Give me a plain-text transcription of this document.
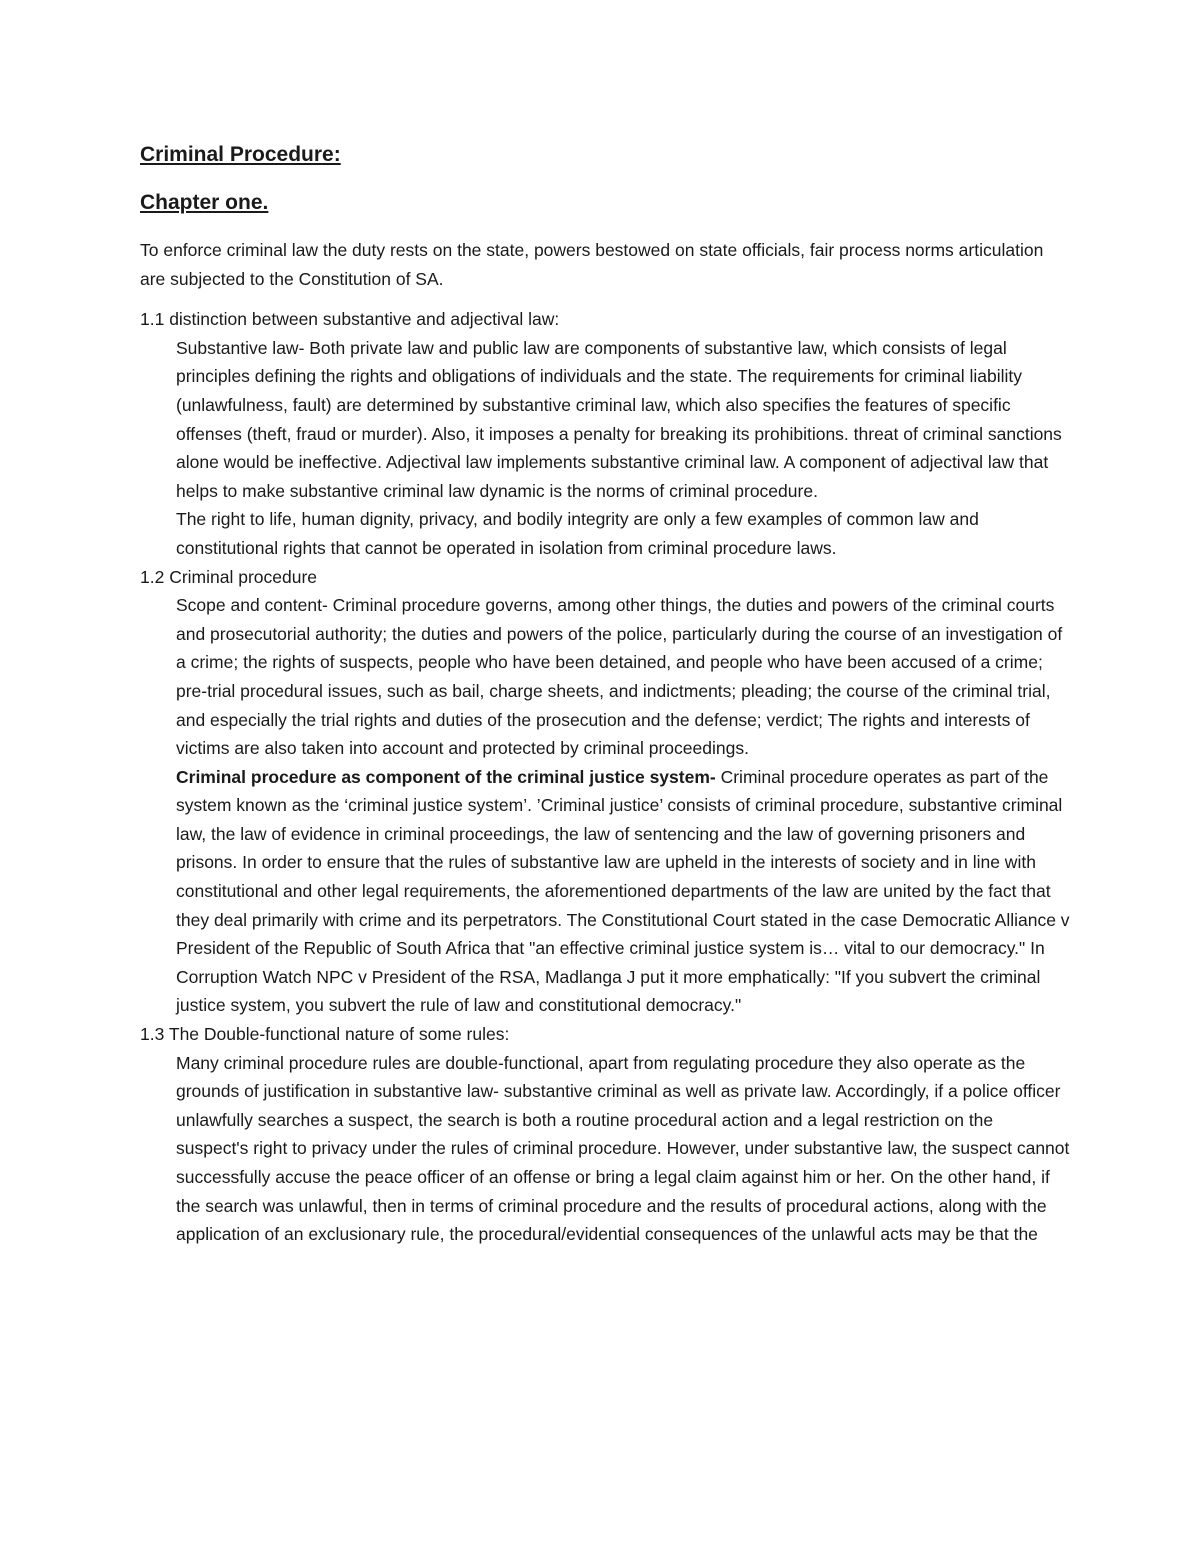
Criminal Procedure:
Chapter one.

To enforce criminal law the duty rests on the state, powers bestowed on state officials, fair process norms articulation are subjected to the Constitution of SA.

1.1 distinction between substantive and adjectival law:

Substantive law- Both private law and public law are components of substantive law, which consists of legal principles defining the rights and obligations of individuals and the state. The requirements for criminal liability (unlawfulness, fault) are determined by substantive criminal law, which also specifies the features of specific offenses (theft, fraud or murder). Also, it imposes a penalty for breaking its prohibitions. threat of criminal sanctions alone would be ineffective. Adjectival law implements substantive criminal law. A component of adjectival law that helps to make substantive criminal law dynamic is the norms of criminal procedure.

The right to life, human dignity, privacy, and bodily integrity are only a few examples of common law and constitutional rights that cannot be operated in isolation from criminal procedure laws.

1.2 Criminal procedure

Scope and content- Criminal procedure governs, among other things, the duties and powers of the criminal courts and prosecutorial authority; the duties and powers of the police, particularly during the course of an investigation of a crime; the rights of suspects, people who have been detained, and people who have been accused of a crime; pre-trial procedural issues, such as bail, charge sheets, and indictments; pleading; the course of the criminal trial, and especially the trial rights and duties of the prosecution and the defense; verdict; The rights and interests of victims are also taken into account and protected by criminal proceedings.

Criminal procedure as component of the criminal justice system- Criminal procedure operates as part of the system known as the ‘criminal justice system’. ’Criminal justice’ consists of criminal procedure, substantive criminal law, the law of evidence in criminal proceedings, the law of sentencing and the law of governing prisoners and prisons. In order to ensure that the rules of substantive law are upheld in the interests of society and in line with constitutional and other legal requirements, the aforementioned departments of the law are united by the fact that they deal primarily with crime and its perpetrators. The Constitutional Court stated in the case Democratic Alliance v President of the Republic of South Africa that "an effective criminal justice system is… vital to our democracy." In Corruption Watch NPC v President of the RSA, Madlanga J put it more emphatically: "If you subvert the criminal justice system, you subvert the rule of law and constitutional democracy."

1.3 The Double-functional nature of some rules:

Many criminal procedure rules are double-functional, apart from regulating procedure they also operate as the grounds of justification in substantive law- substantive criminal as well as private law. Accordingly, if a police officer unlawfully searches a suspect, the search is both a routine procedural action and a legal restriction on the suspect's right to privacy under the rules of criminal procedure. However, under substantive law, the suspect cannot successfully accuse the peace officer of an offense or bring a legal claim against him or her. On the other hand, if the search was unlawful, then in terms of criminal procedure and the results of procedural actions, along with the application of an exclusionary rule, the procedural/evidential consequences of the unlawful acts may be that the
